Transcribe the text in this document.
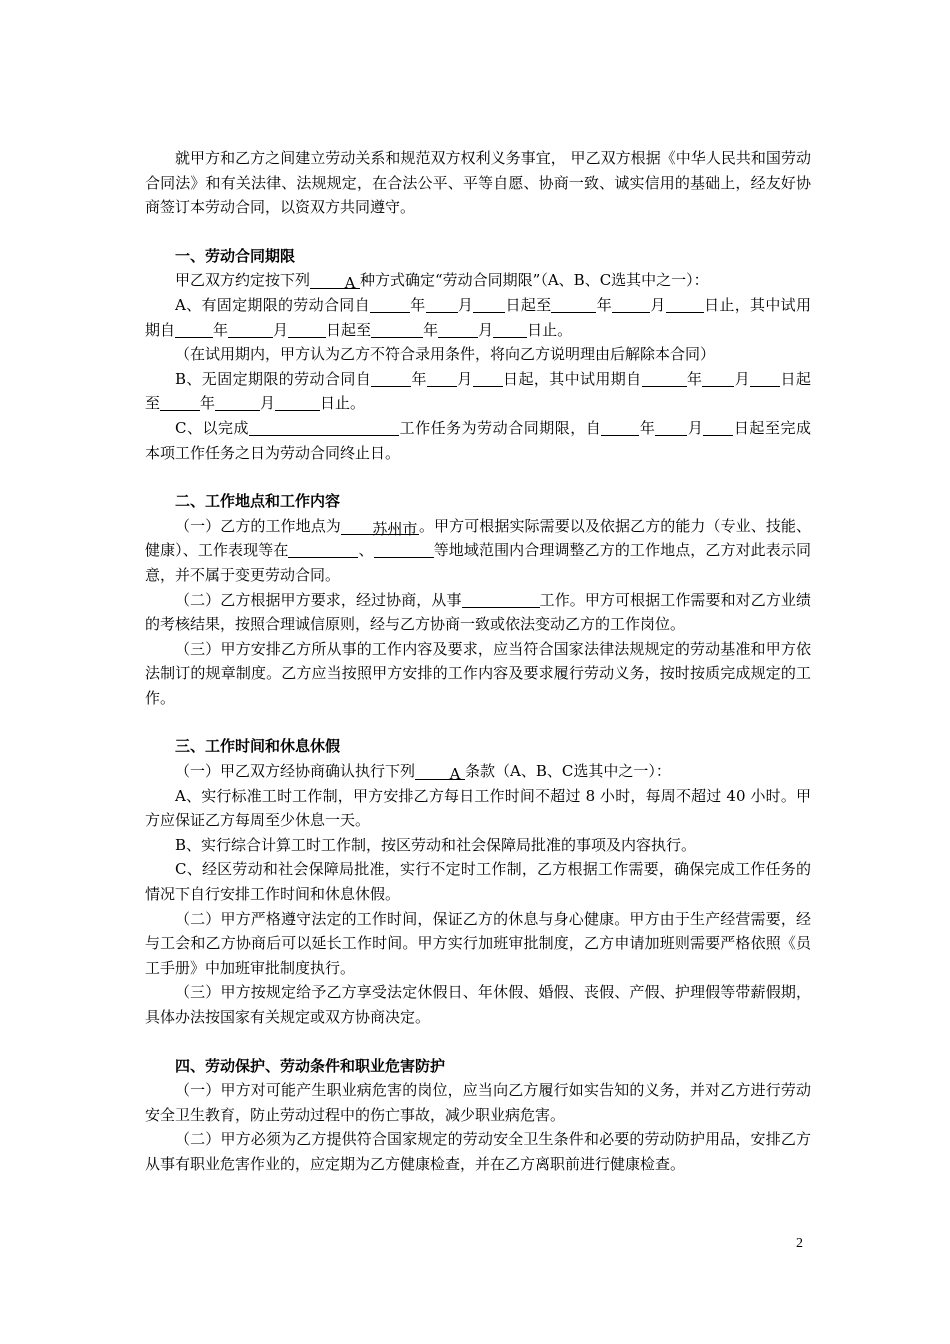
就甲方和乙方之间建立劳动关系和规范双方权利义务事宜， 甲乙双方根据《中华人民共和国劳动合同法》和有关法律、法规规定，在合法公平、平等自愿、协商一致、诚实信用的基础上，经友好协商签订本劳动合同，以资双方共同遵守。

一、劳动合同期限

甲乙双方约定按下列 A 种方式确定“劳动合同期限”（A、B、C选其中之一）：

A、有固定期限的劳动合同自	年 月 日起至	年	月	日止，其中试用期自	年	月	日起至	年	月 日止。

（在试用期内，甲方认为乙方不符合录用条件，将向乙方说明理由后解除本合同）

B、无固定期限的劳动合同自	年 月 日起，其中试用期自	年 月 日起至	年	月	日止。

C、以完成	工作任务为劳动合同期限，自	年 月 日起至完成本项工作任务之日为劳动合同终止日。

二、工作地点和工作内容

（一）乙方的工作地点为 苏州市 。甲方可根据实际需要以及依据乙方的能力（专业、技能、健康）、工作表现等在	、	等地域范围内合理调整乙方的工作地点，乙方对此表示同意，并不属于变更劳动合同。

（二）乙方根据甲方要求，经过协商，从事	工作。甲方可根据工作需要和对乙方业绩的考核结果，按照合理诚信原则，经与乙方协商一致或依法变动乙方的工作岗位。

（三）甲方安排乙方所从事的工作内容及要求，应当符合国家法律法规规定的劳动基准和甲方依法制订的规章制度。乙方应当按照甲方安排的工作内容及要求履行劳动义务，按时按质完成规定的工作。

三、工作时间和休息休假

（一）甲乙双方经协商确认执行下列 A 条款（A、B、C选其中之一）：

A、实行标准工时工作制，甲方安排乙方每日工作时间不超过 8 小时，每周不超过 40 小时。甲方应保证乙方每周至少休息一天。

B、实行综合计算工时工作制，按区劳动和社会保障局批准的事项及内容执行。

C、经区劳动和社会保障局批准，实行不定时工作制，乙方根据工作需要，确保完成工作任务的情况下自行安排工作时间和休息休假。

（二）甲方严格遵守法定的工作时间，保证乙方的休息与身心健康。甲方由于生产经营需要，经与工会和乙方协商后可以延长工作时间。甲方实行加班审批制度，乙方申请加班则需要严格依照《员工手册》中加班审批制度执行。

（三）甲方按规定给予乙方享受法定休假日、年休假、婚假、丧假、产假、护理假等带薪假期，具体办法按国家有关规定或双方协商决定。

四、劳动保护、劳动条件和职业危害防护

（一）甲方对可能产生职业病危害的岗位，应当向乙方履行如实告知的义务，并对乙方进行劳动安全卫生教育，防止劳动过程中的伤亡事故，减少职业病危害。

（二）甲方必须为乙方提供符合国家规定的劳动安全卫生条件和必要的劳动防护用品，安排乙方从事有职业危害作业的，应定期为乙方健康检查，并在乙方离职前进行健康检查。

2
